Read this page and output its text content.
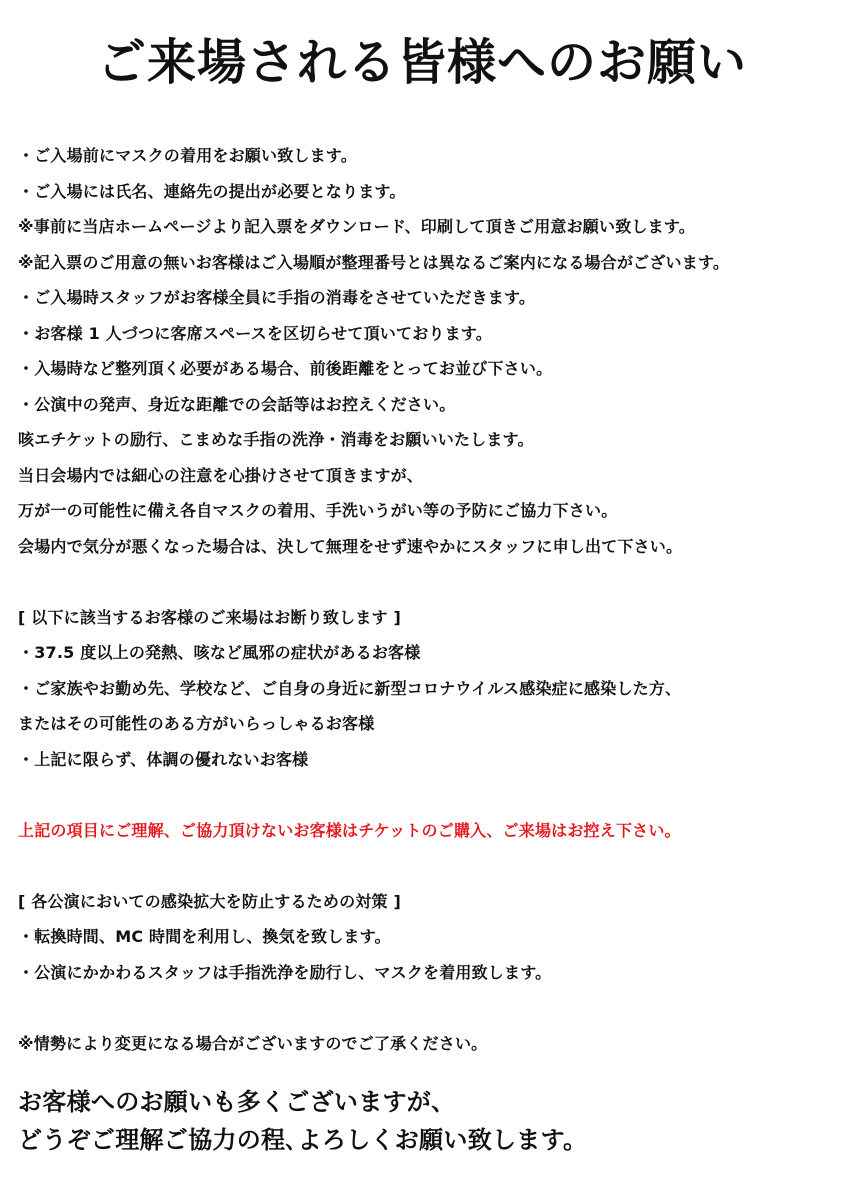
ご来場される皆様へのお願い
・ご入場前にマスクの着用をお願い致します。
・ご入場には氏名、連絡先の提出が必要となります。
※事前に当店ホームページより記入票をダウンロード、印刷して頂きご用意お願い致します。
※記入票のご用意の無いお客様はご入場順が整理番号とは異なるご案内になる場合がございます。
・ご入場時スタッフがお客様全員に手指の消毒をさせていただきます。
・お客様 1 人づつに客席スペースを区切らせて頂いております。
・入場時など整列頂く必要がある場合、前後距離をとってお並び下さい。
・公演中の発声、身近な距離での会話等はお控えください。
咳エチケットの励行、こまめな手指の洗浄・消毒をお願いいたします。
当日会場内では細心の注意を心掛けさせて頂きますが、
万が一の可能性に備え各自マスクの着用、手洗いうがい等の予防にご協力下さい。
会場内で気分が悪くなった場合は、決して無理をせず速やかにスタッフに申し出て下さい。
[ 以下に該当するお客様のご来場はお断り致します ]
・37.5 度以上の発熱、咳など風邪の症状があるお客様
・ご家族やお勤め先、学校など、ご自身の身近に新型コロナウイルス感染症に感染した方、
またはその可能性のある方がいらっしゃるお客様
・上記に限らず、体調の優れないお客様
上記の項目にご理解、ご協力頂けないお客様はチケットのご購入、ご来場はお控え下さい。
[ 各公演においての感染拡大を防止するための対策 ]
・転換時間、MC 時間を利用し、換気を致します。
・公演にかかわるスタッフは手指洗浄を励行し、マスクを着用致します。
※情勢により変更になる場合がございますのでご了承ください。
お客様へのお願いも多くございますが、
どうぞご理解ご協力の程､よろしくお願い致します。
